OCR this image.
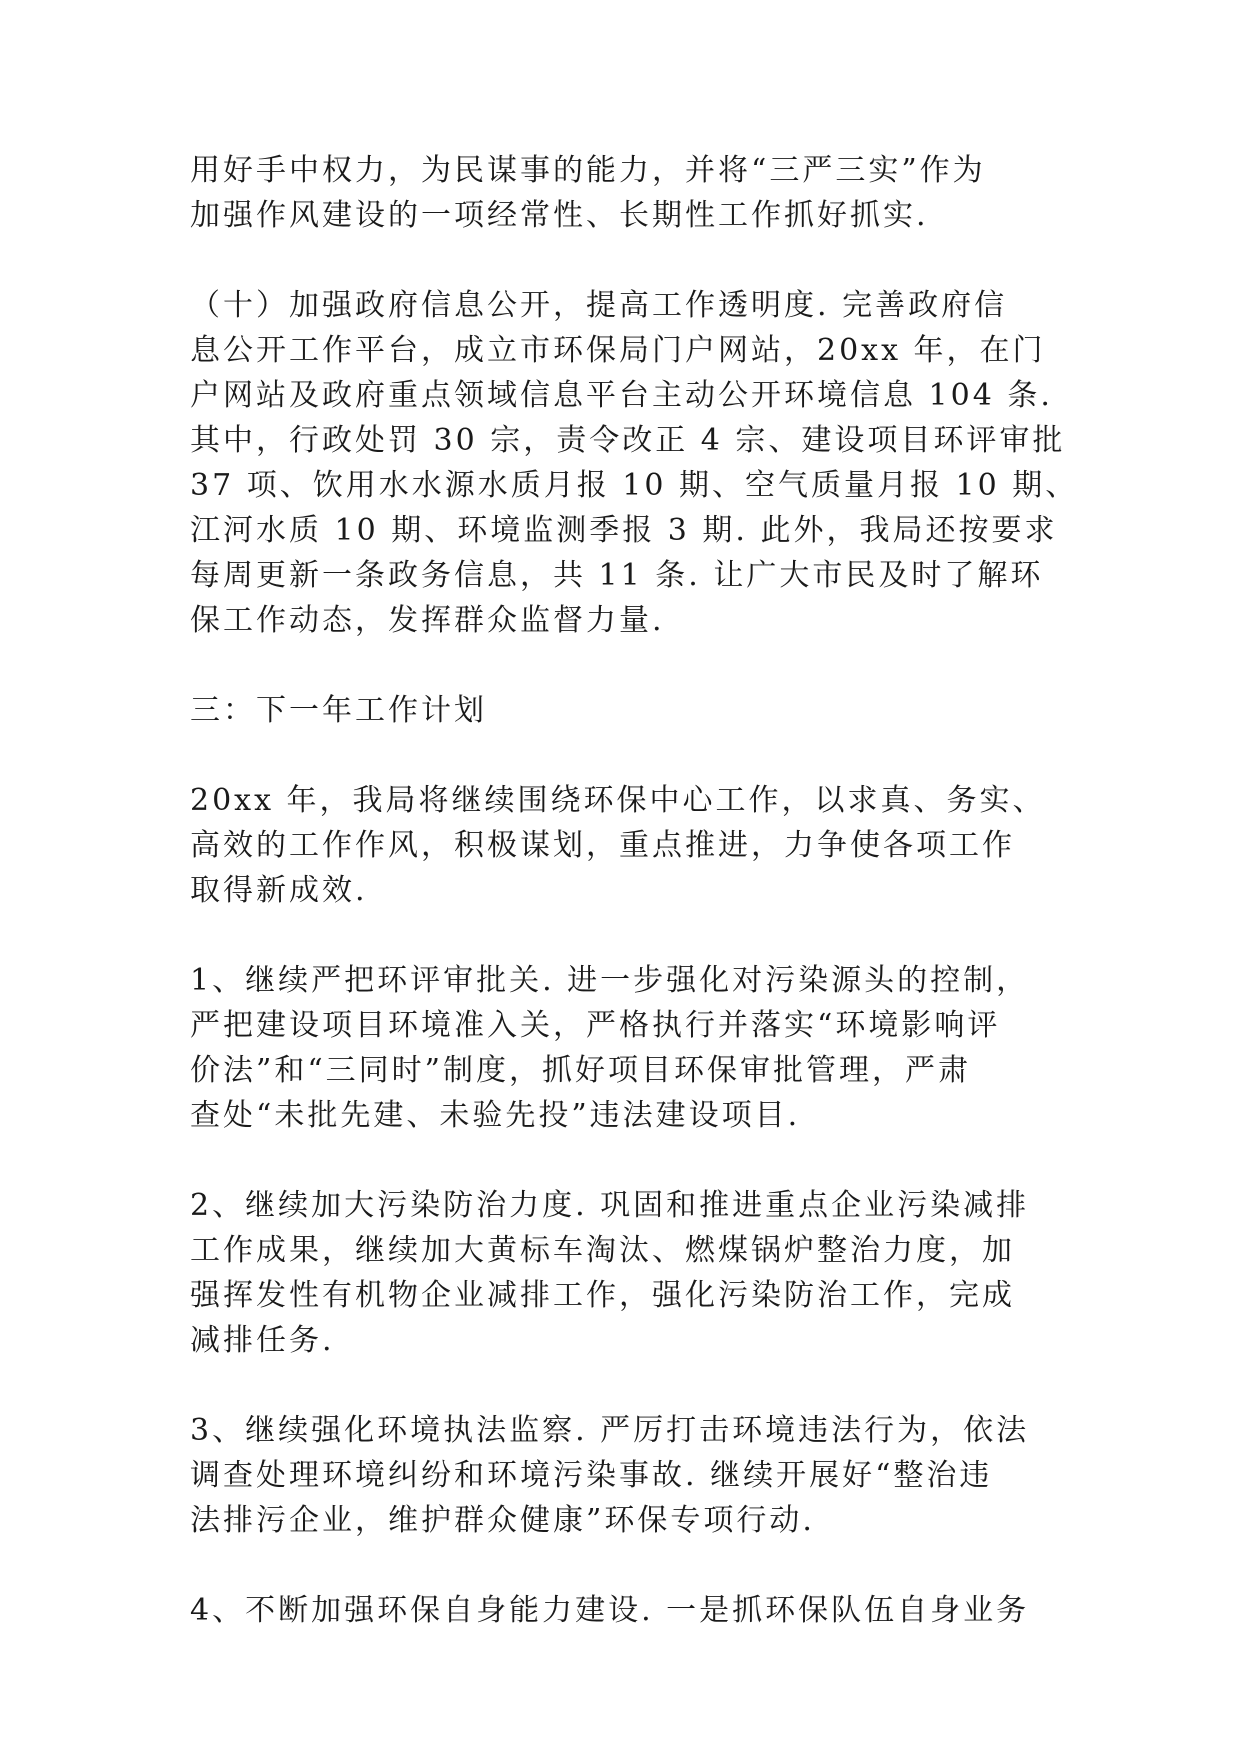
用好手中权力，为民谋事的能力，并将“三严三实”作为
加强作风建设的一项经常性、长期性工作抓好抓实.

（十）加强政府信息公开，提高工作透明度. 完善政府信
息公开工作平台，成立市环保局门户网站，20xx 年，在门
户网站及政府重点领域信息平台主动公开环境信息 104 条.
其中，行政处罚 30 宗，责令改正 4 宗、建设项目环评审批
37 项、饮用水水源水质月报 10 期、空气质量月报 10 期、
江河水质 10 期、环境监测季报 3 期. 此外，我局还按要求
每周更新一条政务信息，共 11 条. 让广大市民及时了解环
保工作动态，发挥群众监督力量.

三：下一年工作计划

20xx 年，我局将继续围绕环保中心工作，以求真、务实、
高效的工作作风，积极谋划，重点推进，力争使各项工作
取得新成效.

1、继续严把环评审批关. 进一步强化对污染源头的控制，
严把建设项目环境准入关，严格执行并落实“环境影响评
价法”和“三同时”制度，抓好项目环保审批管理，严肃
查处“未批先建、未验先投”违法建设项目.

2、继续加大污染防治力度. 巩固和推进重点企业污染减排
工作成果，继续加大黄标车淘汰、燃煤锅炉整治力度，加
强挥发性有机物企业减排工作，强化污染防治工作，完成
减排任务.

3、继续强化环境执法监察. 严厉打击环境违法行为，依法
调查处理环境纠纷和环境污染事故. 继续开展好“整治违
法排污企业，维护群众健康”环保专项行动.

4、不断加强环保自身能力建设. 一是抓环保队伍自身业务
